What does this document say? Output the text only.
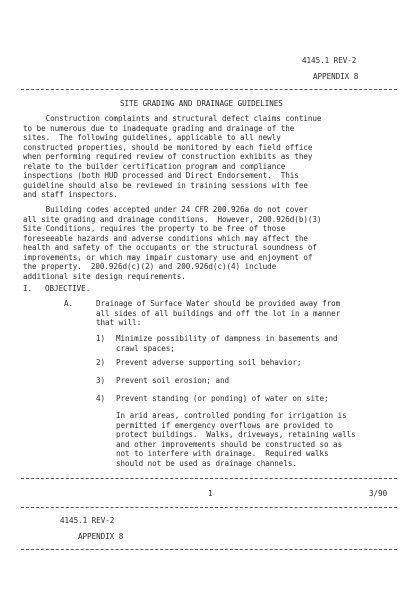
4145.1 REV-2
APPENDIX 8
SITE GRADING AND DRAINAGE GUIDELINES
Construction complaints and structural defect claims continue
to be numerous due to inadequate grading and drainage of the
sites.  The following guidelines, applicable to all newly
constructed properties, should be monitored by each field office
when performing required review of construction exhibits as they
relate to the builder certification program and compliance
inspections (both HUD processed and Direct Endorsement.  This
guideline should also be reviewed in training sessions with fee
and staff inspectors.
Building codes accepted under 24 CFR 200.926a do not cover
all site grading and drainage conditions.  However, 200.926d(b)(3)
Site Conditions, requires the property to be free of those
foreseeable hazards and adverse conditions which may affect the
health and safety of the occupants or the structural soundness of
improvements, or which may impair customary use and enjoyment of
the property.  200.926d(c)(2) and 200.926d(c)(4) include
additional site design requirements.
I. OBJECTIVE.
A.	Drainage of Surface Water should be provided away from
all sides of all buildings and off the lot in a manner
that will:
1) Minimize possibility of dampness in basements and
crawl spaces;
2) Prevent adverse supporting soil behavior;
3) Prevent soil erosion; and
4) Prevent standing (or ponding) of water on site;
In arid areas, controlled ponding for irrigation is
permitted if emergency overflows are provided to
protect buildings.  Walks, driveways, retaining walls
and other improvements should be constructed so as
not to interfere with drainage.  Required walks
should not be used as drainage channels.
1	3/90
4145.1 REV-2
APPENDIX 8
